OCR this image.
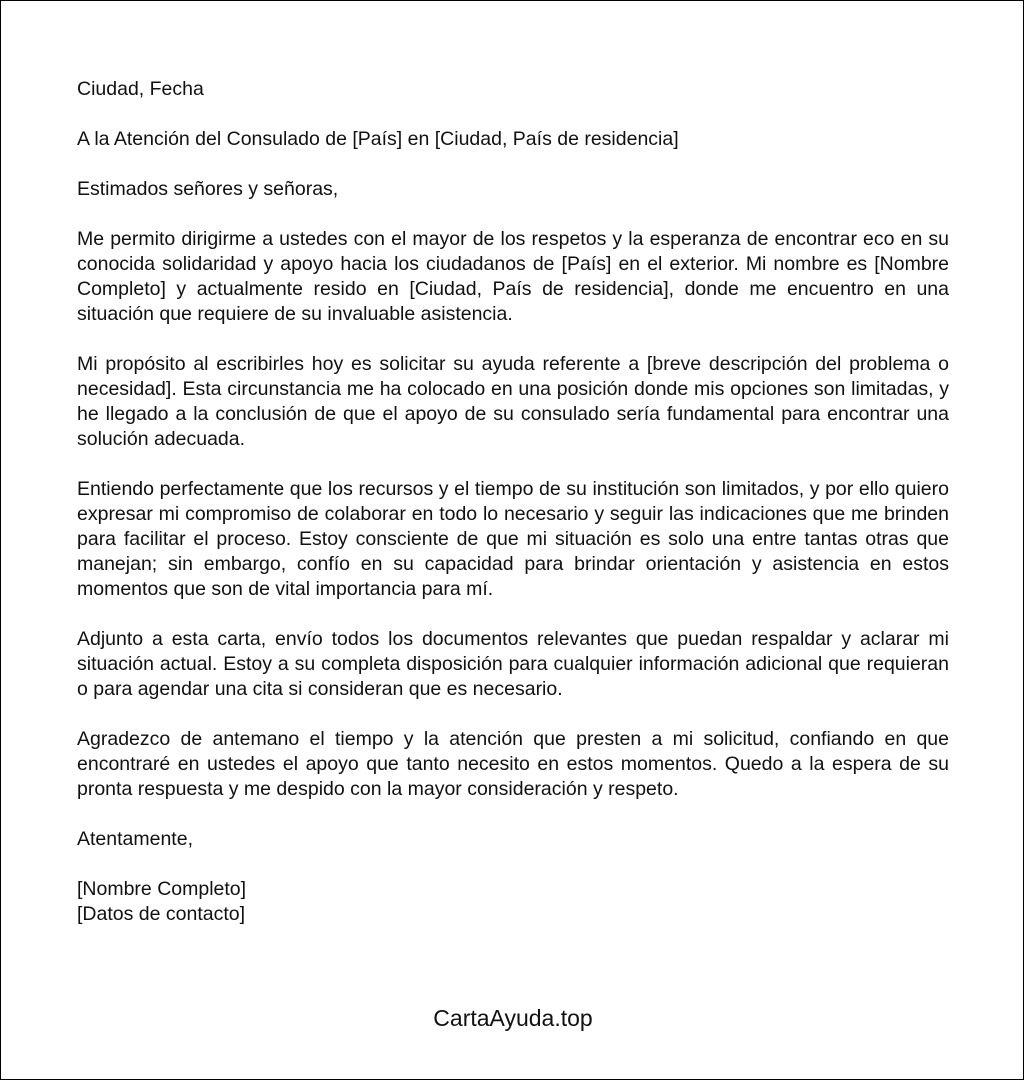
Ciudad, Fecha

A la Atención del Consulado de [País] en [Ciudad, País de residencia]

Estimados señores y señoras,

Me permito dirigirme a ustedes con el mayor de los respetos y la esperanza de encontrar eco en su conocida solidaridad y apoyo hacia los ciudadanos de [País] en el exterior. Mi nombre es [Nombre Completo] y actualmente resido en [Ciudad, País de residencia], donde me encuentro en una situación que requiere de su invaluable asistencia.

Mi propósito al escribirles hoy es solicitar su ayuda referente a [breve descripción del problema o necesidad]. Esta circunstancia me ha colocado en una posición donde mis opciones son limitadas, y he llegado a la conclusión de que el apoyo de su consulado sería fundamental para encontrar una solución adecuada.

Entiendo perfectamente que los recursos y el tiempo de su institución son limitados, y por ello quiero expresar mi compromiso de colaborar en todo lo necesario y seguir las indicaciones que me brinden para facilitar el proceso. Estoy consciente de que mi situación es solo una entre tantas otras que manejan; sin embargo, confío en su capacidad para brindar orientación y asistencia en estos momentos que son de vital importancia para mí.

Adjunto a esta carta, envío todos los documentos relevantes que puedan respaldar y aclarar mi situación actual. Estoy a su completa disposición para cualquier información adicional que requieran o para agendar una cita si consideran que es necesario.

Agradezco de antemano el tiempo y la atención que presten a mi solicitud, confiando en que encontraré en ustedes el apoyo que tanto necesito en estos momentos. Quedo a la espera de su pronta respuesta y me despido con la mayor consideración y respeto.

Atentamente,

[Nombre Completo]
[Datos de contacto]

CartaAyuda.top
